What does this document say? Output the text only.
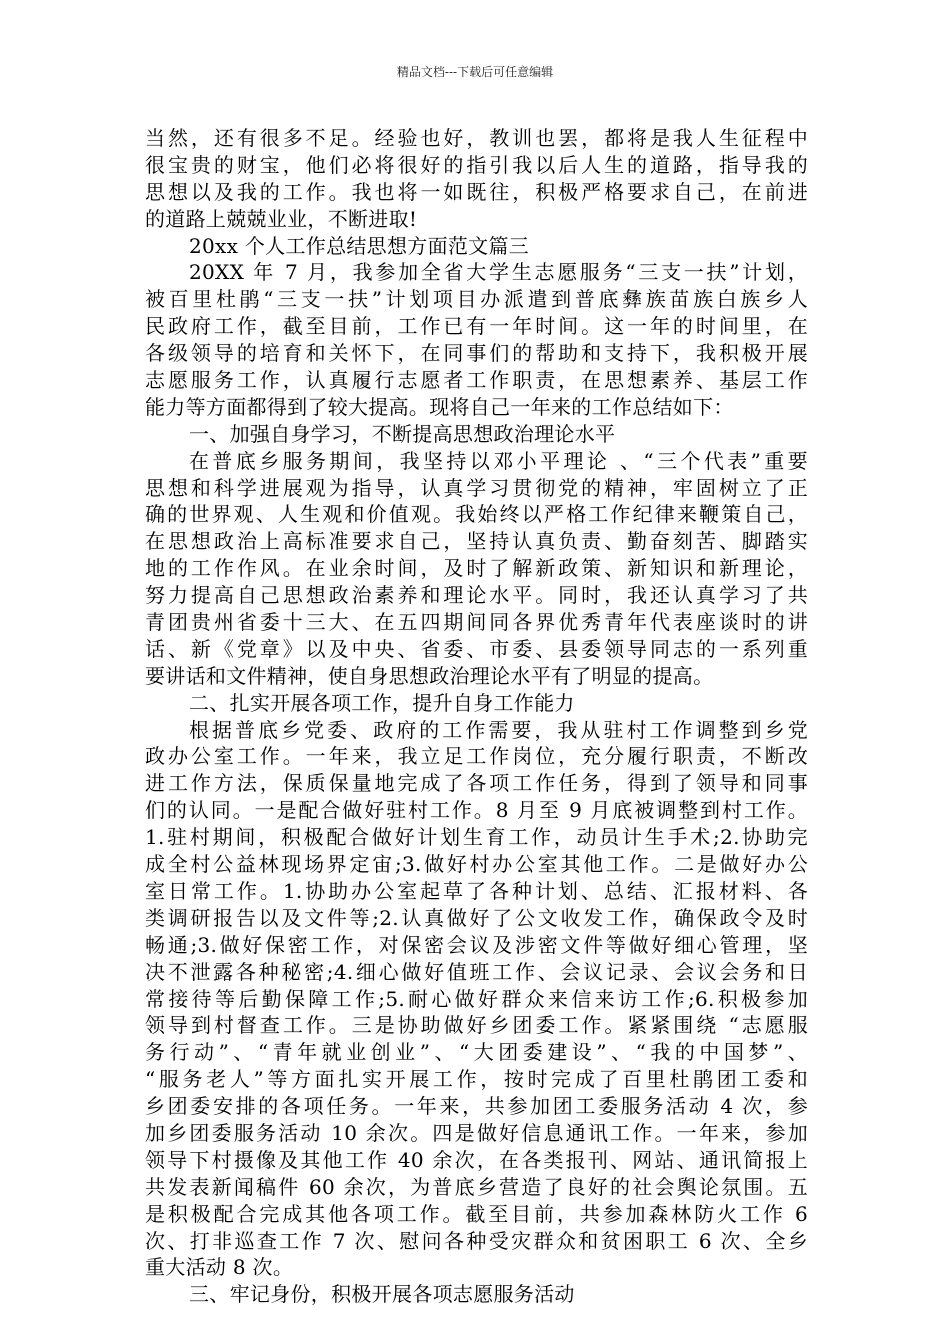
精品文档---下载后可任意编辑
当然，还有很多不足。经验也好，教训也罢，都将是我人生征程中
很宝贵的财宝，他们必将很好的指引我以后人生的道路，指导我的
思想以及我的工作。我也将一如既往，积极严格要求自己，在前进
的道路上兢兢业业，不断进取!
20xx 个人工作总结思想方面范文篇三
20XX 年 7 月，我参加全省大学生志愿服务“三支一扶”计划，
被百里杜鹃“三支一扶”计划项目办派遣到普底彝族苗族白族乡人
民政府工作，截至目前，工作已有一年时间。这一年的时间里，在
各级领导的培育和关怀下，在同事们的帮助和支持下，我积极开展
志愿服务工作，认真履行志愿者工作职责，在思想素养、基层工作
能力等方面都得到了较大提高。现将自己一年来的工作总结如下：
一、加强自身学习，不断提高思想政治理论水平
在普底乡服务期间，我坚持以邓小平理论 、“三个代表”重要
思想和科学进展观为指导，认真学习贯彻党的精神，牢固树立了正
确的世界观、人生观和价值观。我始终以严格工作纪律来鞭策自己，
在思想政治上高标准要求自己，坚持认真负责、勤奋刻苦、脚踏实
地的工作作风。在业余时间，及时了解新政策、新知识和新理论，
努力提高自己思想政治素养和理论水平。同时，我还认真学习了共
青团贵州省委十三大、在五四期间同各界优秀青年代表座谈时的讲
话、新《党章》以及中央、省委、市委、县委领导同志的一系列重
要讲话和文件精神，使自身思想政治理论水平有了明显的提高。
二、扎实开展各项工作，提升自身工作能力
根据普底乡党委、政府的工作需要，我从驻村工作调整到乡党
政办公室工作。一年来，我立足工作岗位，充分履行职责，不断改
进工作方法，保质保量地完成了各项工作任务，得到了领导和同事
们的认同。一是配合做好驻村工作。8 月至 9 月底被调整到村工作。
1.驻村期间，积极配合做好计划生育工作，动员计生手术;2.协助完
成全村公益林现场界定宙;3.做好村办公室其他工作。二是做好办公
室日常工作。1.协助办公室起草了各种计划、总结、汇报材料、各
类调研报告以及文件等;2.认真做好了公文收发工作，确保政令及时
畅通;3.做好保密工作，对保密会议及涉密文件等做好细心管理，坚
决不泄露各种秘密;4.细心做好值班工作、会议记录、会议会务和日
常接待等后勤保障工作;5.耐心做好群众来信来访工作;6.积极参加
领导到村督查工作。三是协助做好乡团委工作。紧紧围绕 “志愿服
务行动”、“青年就业创业”、“大团委建设”、“我的中国梦”、
“服务老人”等方面扎实开展工作，按时完成了百里杜鹃团工委和
乡团委安排的各项任务。一年来，共参加团工委服务活动 4 次，参
加乡团委服务活动 10 余次。四是做好信息通讯工作。一年来，参加
领导下村摄像及其他工作 40 余次，在各类报刊、网站、通讯简报上
共发表新闻稿件 60 余次，为普底乡营造了良好的社会舆论氛围。五
是积极配合完成其他各项工作。截至目前，共参加森林防火工作 6
次、打非巡查工作 7 次、慰问各种受灾群众和贫困职工 6 次、全乡
重大活动 8 次。
三、牢记身份，积极开展各项志愿服务活动
